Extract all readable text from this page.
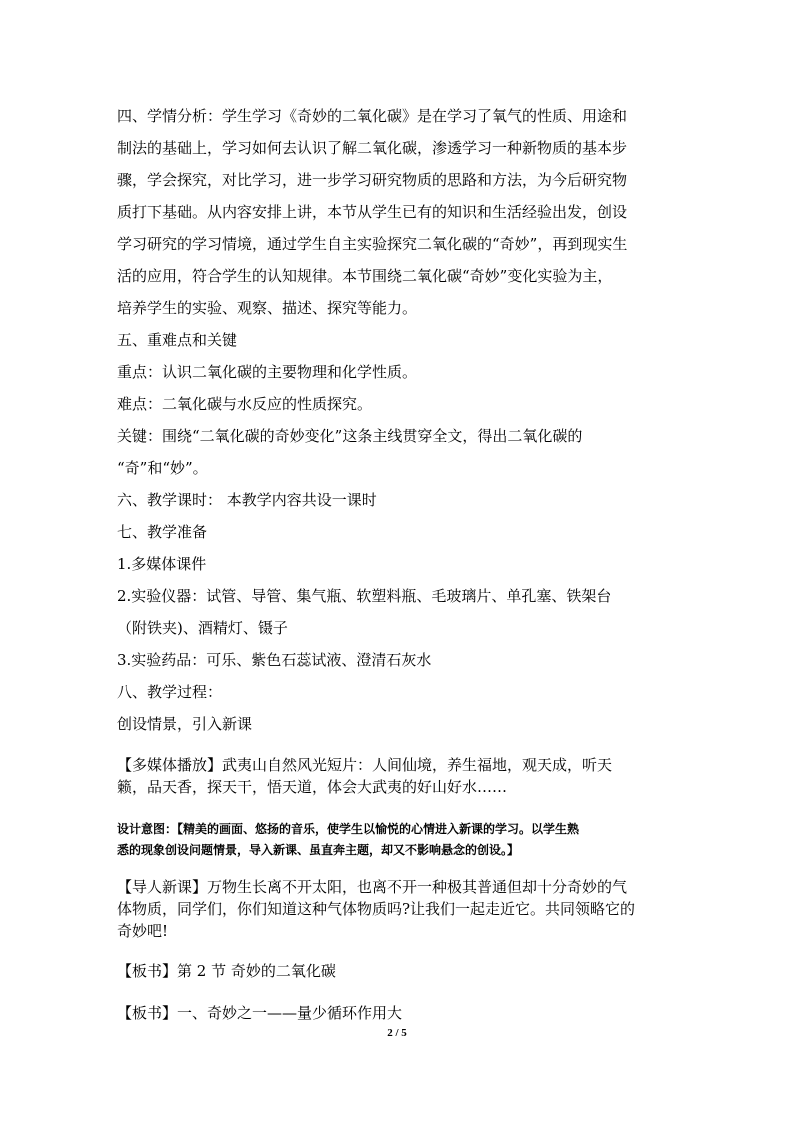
四、学情分析：学生学习《奇妙的二氧化碳》是在学习了氧气的性质、用途和
制法的基础上，学习如何去认识了解二氧化碳，渗透学习一种新物质的基本步
骤，学会探究，对比学习，进一步学习研究物质的思路和方法，为今后研究物
质打下基础。从内容安排上讲，本节从学生已有的知识和生活经验出发，创设
学习研究的学习情境，通过学生自主实验探究二氧化碳的“奇妙”，再到现实生
活的应用，符合学生的认知规律。本节围绕二氧化碳“奇妙”变化实验为主，
培养学生的实验、观察、描述、探究等能力。
五、重难点和关键
重点：认识二氧化碳的主要物理和化学性质。
难点：二氧化碳与水反应的性质探究。
关键：围绕“二氧化碳的奇妙变化”这条主线贯穿全文，得出二氧化碳的
“奇”和“妙”。
六、教学课时： 本教学内容共设一课时
七、教学准备
1.多媒体课件
2.实验仪器：试管、导管、集气瓶、软塑料瓶、毛玻璃片、单孔塞、铁架台
（附铁夹)、酒精灯、镊子
3.实验药品：可乐、紫色石蕊试液、澄清石灰水
八、教学过程：
创设情景，引入新课
【多媒体播放】武夷山自然风光短片：人间仙境，养生福地，观天成，听天
籁，品天香，探天干，悟天道，体会大武夷的好山好水……
设计意图：【精美的画面、悠扬的音乐，使学生以愉悦的心情进入新课的学习。以学生熟
悉的现象创设问题情景，导入新课、虽直奔主题，却又不影响悬念的创设。】
【导人新课】万物生长离不开太阳，也离不开一种极其普通但却十分奇妙的气
体物质，同学们，你们知道这种气体物质吗?让我们一起走近它。共同领略它的
奇妙吧!
【板书】第 2 节 奇妙的二氧化碳
【板书】一、奇妙之一——量少循环作用大
2 / 5
